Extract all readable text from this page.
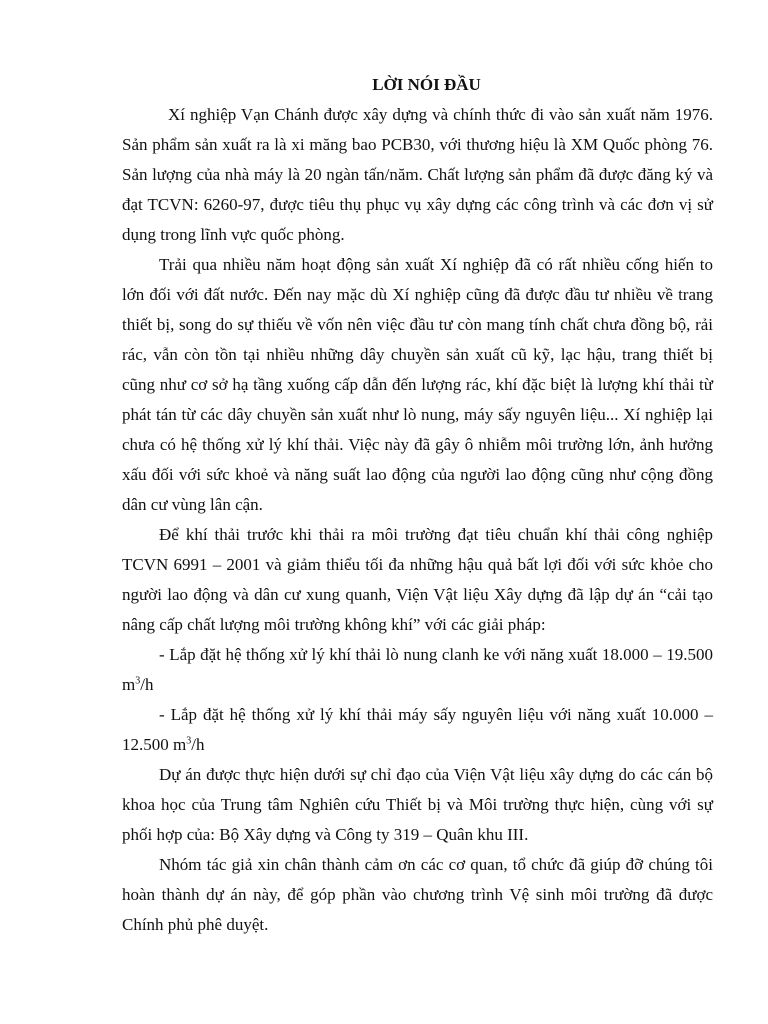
LỜI NÓI ĐẦU

Xí nghiệp Vạn Chánh được xây dựng và chính thức đi vào sản xuất năm 1976. Sản phẩm sản xuất ra là xi măng bao PCB30, với thương hiệu là XM Quốc phòng 76. Sản lượng của nhà máy là 20 ngàn tấn/năm. Chất lượng sản phẩm đã được đăng ký và đạt TCVN: 6260-97, được tiêu thụ phục vụ xây dựng các công trình và các đơn vị sử dụng trong lĩnh vực quốc phòng.

Trải qua nhiều năm hoạt động sản xuất Xí nghiệp đã có rất nhiều cống hiến to lớn đối với đất nước. Đến nay mặc dù Xí nghiệp cũng đã được đầu tư nhiều về trang thiết bị, song do sự thiếu về vốn nên việc đầu tư còn mang tính chất chưa đồng bộ, rải rác, vẫn còn tồn tại nhiều những dây chuyền sản xuất cũ kỹ, lạc hậu, trang thiết bị cũng như cơ sở hạ tầng xuống cấp dẫn đến lượng rác, khí đặc biệt là lượng khí thải từ phát tán từ các dây chuyền sản xuất như lò nung, máy sấy nguyên liệu... Xí nghiệp lại chưa có hệ thống xử lý khí thải. Việc này đã gây ô nhiễm môi trường lớn, ảnh hưởng xấu đối với sức khoẻ và năng suất lao động của người lao động cũng như cộng đồng dân cư vùng lân cận.

Để khí thải trước khi thải ra môi trường đạt tiêu chuẩn khí thải công nghiệp TCVN 6991 – 2001 và giảm thiểu tối đa những hậu quả bất lợi đối với sức khỏe cho người lao động và dân cư xung quanh, Viện Vật liệu Xây dựng đã lập dự án “cải tạo nâng cấp chất lượng môi trường không khí” với các giải pháp:

- Lắp đặt hệ thống xử lý khí thải lò nung clanh ke với năng xuất 18.000 – 19.500 $m^3/h$

- Lắp đặt hệ thống xử lý khí thải máy sấy nguyên liệu với năng xuất 10.000 – 12.500 $m^3/h$

Dự án được thực hiện dưới sự chỉ đạo của Viện Vật liệu xây dựng do các cán bộ khoa học của Trung tâm Nghiên cứu Thiết bị và Môi trường thực hiện, cùng với sự phối hợp của: Bộ Xây dựng và Công ty 319 – Quân khu III.

Nhóm tác giả xin chân thành cảm ơn các cơ quan, tổ chức đã giúp đỡ chúng tôi hoàn thành dự án này, để góp phần vào chương trình Vệ sinh môi trường đã được Chính phủ phê duyệt.
